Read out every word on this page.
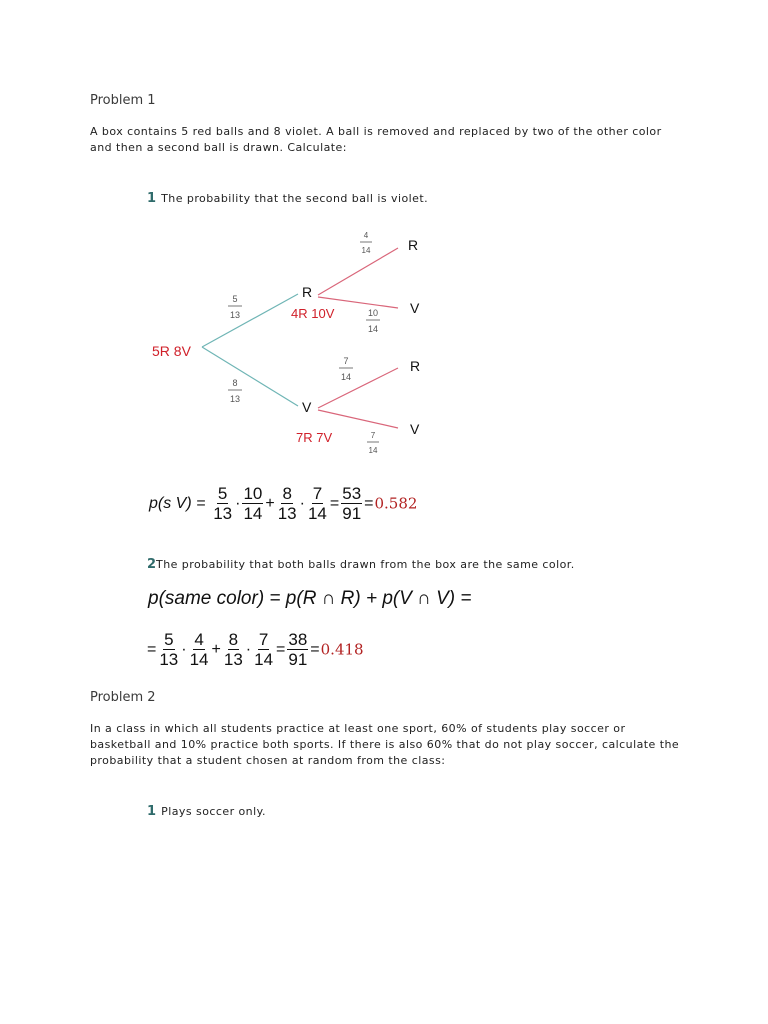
Problem 1
A box contains 5 red balls and 8 violet. A ball is removed and replaced by two of the other color and then a second ball is drawn. Calculate:
1 The probability that the second ball is violet.
5R 8V
5
13
8
13
R
4R 10V
V
7R 7V
4
14	R
10
14
V
7
14
R
7
14
V
p(s $V) = \frac{5}{13} \cdot \frac{10}{14} + \frac{8}{13} \cdot \frac{7}{14} = \frac{53}{91} =0.582$
2The probability that both balls drawn from the box are the same color.
p(same color) = p(R ∩ R) + p(V ∩ V) =
= $\frac{5}{13} \cdot \frac{4}{14} + \frac{8}{13} \cdot \frac{7}{14} = \frac{38}{91} =0.418$
Problem 2
In a class in which all students practice at least one sport, 60% of students play soccer or basketball and 10% practice both sports. If there is also 60% that do not play soccer, calculate the probability that a student chosen at random from the class:
1 Plays soccer only.
